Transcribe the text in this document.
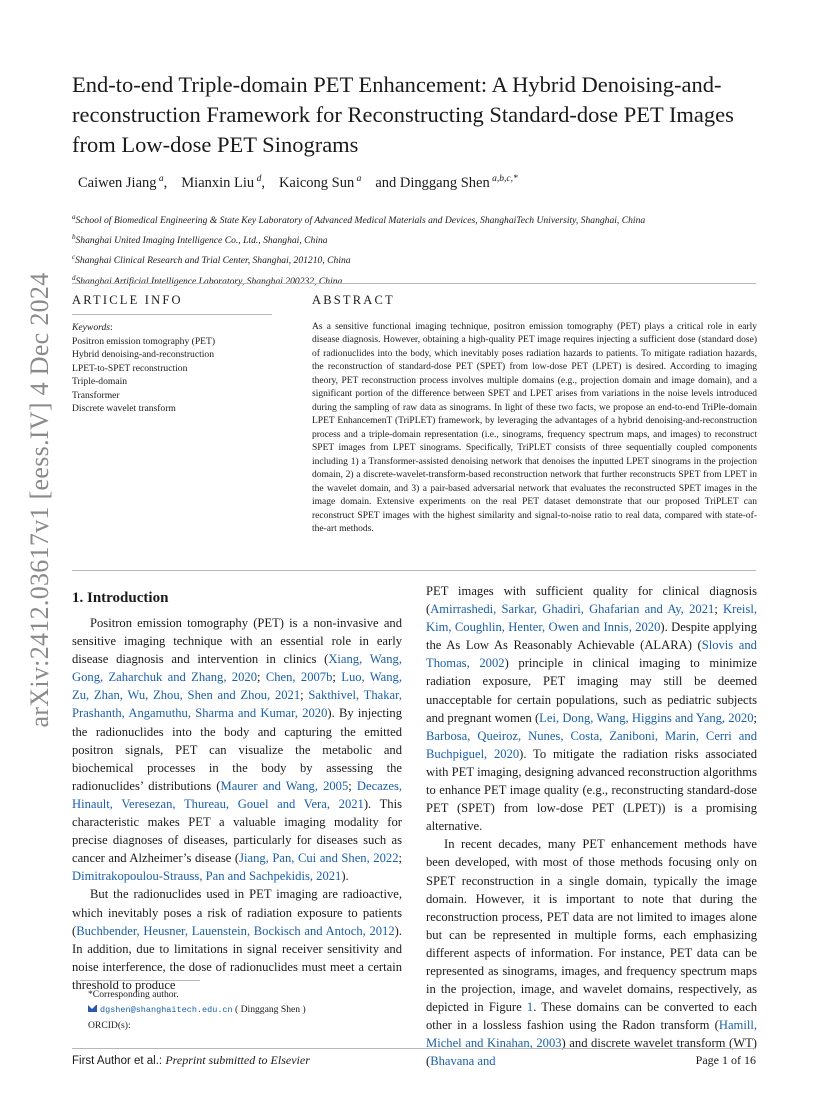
arXiv:2412.03617v1 [eess.IV] 4 Dec 2024
End-to-end Triple-domain PET Enhancement: A Hybrid Denoising-and-reconstruction Framework for Reconstructing Standard-dose PET Images from Low-dose PET Sinograms
Caiwen Jiang $^a$, Mianxin Liu $^d$, Kaicong Sun $^a$ and Dinggang Shen $^{a,b,c,*}$
$^a$School of Biomedical Engineering & State Key Laboratory of Advanced Medical Materials and Devices, ShanghaiTech University, Shanghai, China
$^b$Shanghai United Imaging Intelligence Co., Ltd., Shanghai, China
$^c$Shanghai Clinical Research and Trial Center, Shanghai, 201210, China
$^d$Shanghai Artificial Intelligence Laboratory, Shanghai 200232, China
ARTICLE INFO
Keywords:
Positron emission tomography (PET)
Hybrid denoising-and-reconstruction
LPET-to-SPET reconstruction
Triple-domain
Transformer
Discrete wavelet transform
ABSTRACT

As a sensitive functional imaging technique, positron emission tomography (PET) plays a critical role in early disease diagnosis. However, obtaining a high-quality PET image requires injecting a sufficient dose (standard dose) of radionuclides into the body, which inevitably poses radiation hazards to patients. To mitigate radiation hazards, the reconstruction of standard-dose PET (SPET) from low-dose PET (LPET) is desired. According to imaging theory, PET reconstruction process involves multiple domains (e.g., projection domain and image domain), and a significant portion of the difference between SPET and LPET arises from variations in the noise levels introduced during the sampling of raw data as sinograms. In light of these two facts, we propose an end-to-end TriPle-domain LPET EnhancemenT (TriPLET) framework, by leveraging the advantages of a hybrid denoising-and-reconstruction process and a triple-domain representation (i.e., sinograms, frequency spectrum maps, and images) to reconstruct SPET images from LPET sinograms. Specifically, TriPLET consists of three sequentially coupled components including 1) a Transformer-assisted denoising network that denoises the inputted LPET sinograms in the projection domain, 2) a discrete-wavelet-transform-based reconstruction network that further reconstructs SPET from LPET in the wavelet domain, and 3) a pair-based adversarial network that evaluates the reconstructed SPET images in the image domain. Extensive experiments on the real PET dataset demonstrate that our proposed TriPLET can reconstruct SPET images with the highest similarity and signal-to-noise ratio to real data, compared with state-of-the-art methods.

1. Introduction

Positron emission tomography (PET) is a non-invasive and sensitive imaging technique with an essential role in early disease diagnosis and intervention in clinics (Xiang, Wang, Gong, Zaharchuk and Zhang, 2020; Chen, 2007b; Luo, Wang, Zu, Zhan, Wu, Zhou, Shen and Zhou, 2021; Sakthivel, Thakar, Prashanth, Angamuthu, Sharma and Kumar, 2020). By injecting the radionuclides into the body and capturing the emitted positron signals, PET can visualize the metabolic and biochemical processes in the body by assessing the radionuclides’ distributions (Maurer and Wang, 2005; Decazes, Hinault, Veresezan, Thureau, Gouel and Vera, 2021). This characteristic makes PET a valuable imaging modality for precise diagnoses of diseases, particularly for diseases such as cancer and Alzheimer’s disease (Jiang, Pan, Cui and Shen, 2022; Dimitrakopoulou-Strauss, Pan and Sachpekidis, 2021).

But the radionuclides used in PET imaging are radioactive, which inevitably poses a risk of radiation exposure to patients (Buchbender, Heusner, Lauenstein, Bockisch and Antoch, 2012). In addition, due to limitations in signal receiver sensitivity and noise interference, the dose of radionuclides must meet a certain threshold to produce

PET images with sufficient quality for clinical diagnosis (Amirrashedi, Sarkar, Ghadiri, Ghafarian and Ay, 2021; Kreisl, Kim, Coughlin, Henter, Owen and Innis, 2020). Despite applying the As Low As Reasonably Achievable (ALARA) (Slovis and Thomas, 2002) principle in clinical imaging to minimize radiation exposure, PET imaging may still be deemed unacceptable for certain populations, such as pediatric subjects and pregnant women (Lei, Dong, Wang, Higgins and Yang, 2020; Barbosa, Queiroz, Nunes, Costa, Zaniboni, Marin, Cerri and Buchpiguel, 2020). To mitigate the radiation risks associated with PET imaging, designing advanced reconstruction algorithms to enhance PET image quality (e.g., reconstructing standard-dose PET (SPET) from low-dose PET (LPET)) is a promising alternative.

In recent decades, many PET enhancement methods have been developed, with most of those methods focusing only on SPET reconstruction in a single domain, typically the image domain. However, it is important to note that during the reconstruction process, PET data are not limited to images alone but can be represented in multiple forms, each emphasizing different aspects of information. For instance, PET data can be represented as sinograms, images, and frequency spectrum maps in the projection, image, and wavelet domains, respectively, as depicted in Figure 1. These domains can be converted to each other in a lossless fashion using the Radon transform (Hamill, Michel and Kinahan, 2003) and discrete wavelet transform (WT) (Bhavana and

*Corresponding author.
dgshen@shanghaitech.edu.cn ( Dinggang Shen )
ORCID(s):
First Author et al.: Preprint submitted to Elsevier	Page 1 of 16
